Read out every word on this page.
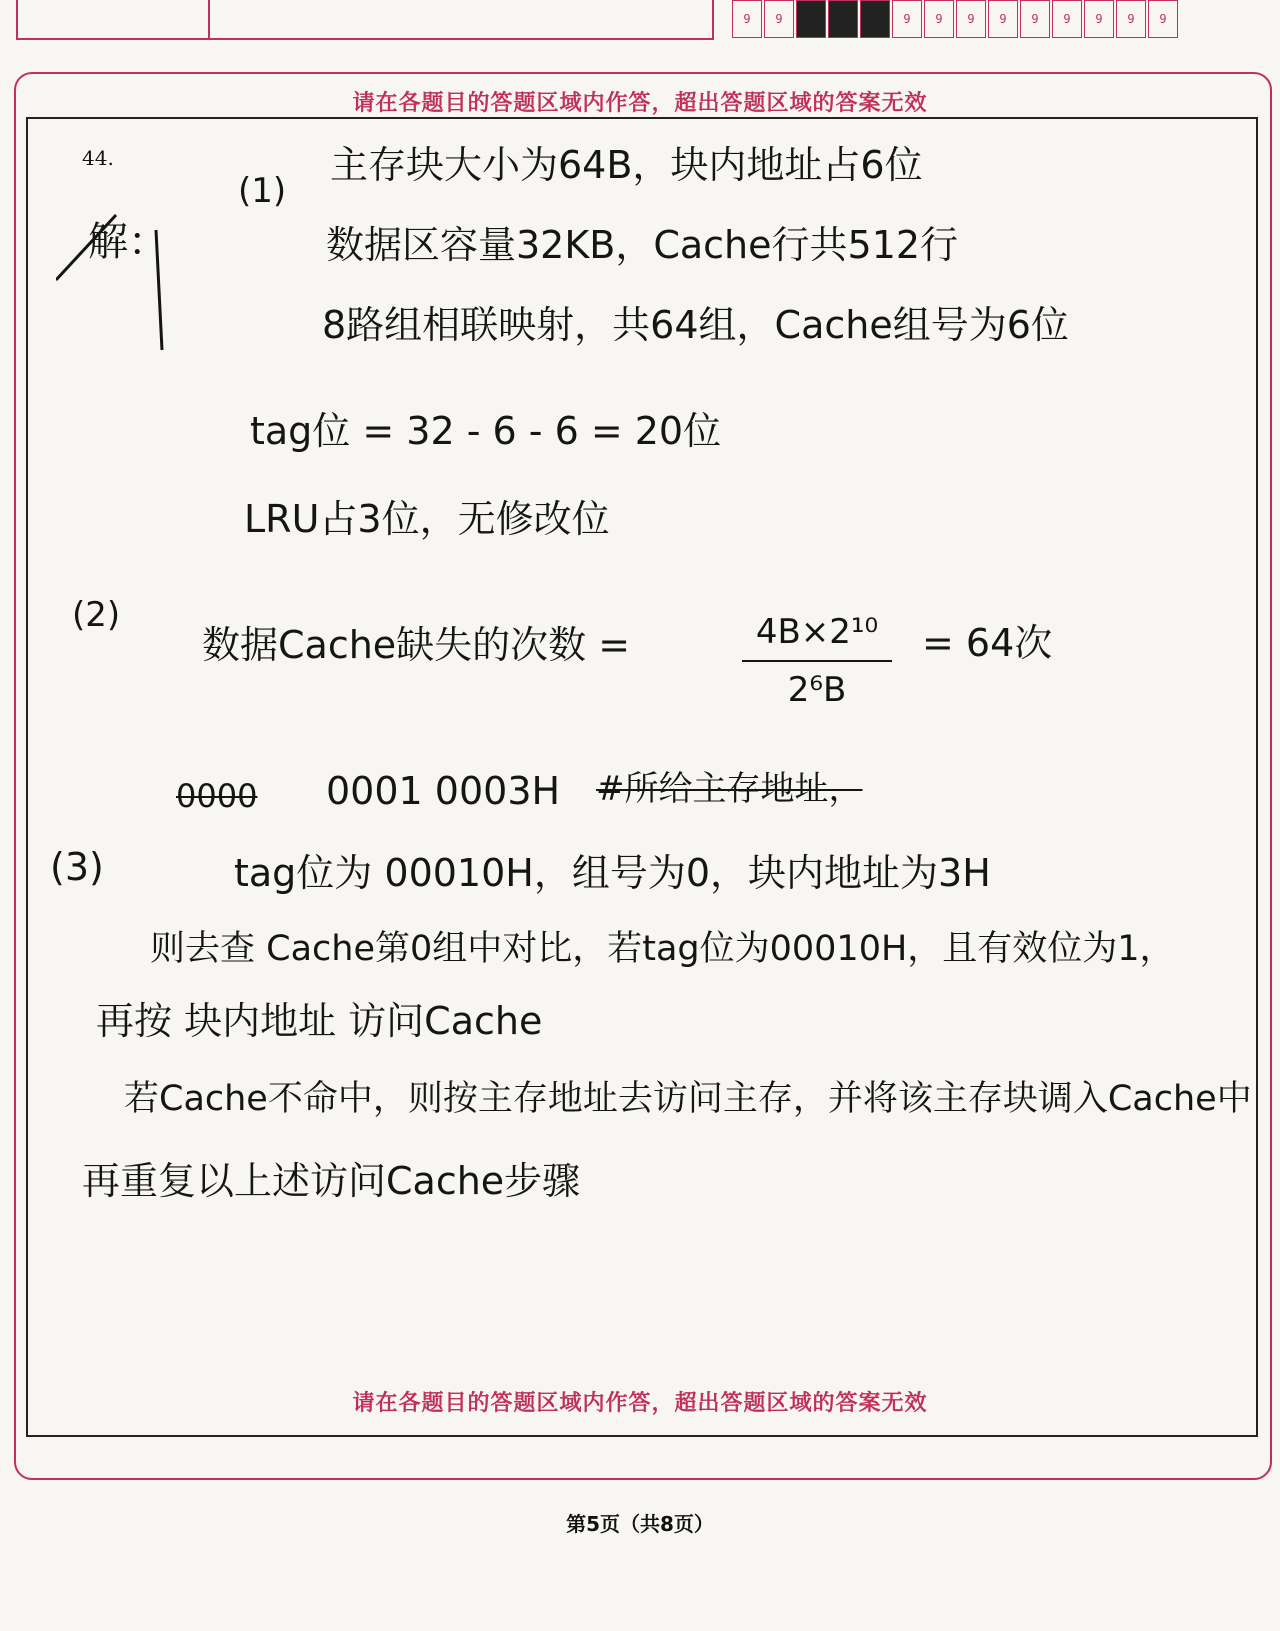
9 9	9 9 9 9 9 9 9 9 9
请在各题目的答题区域内作答，超出答题区域的答案无效
44.
解：
(1)
主存块大小为64B，块内地址占6位
数据区容量32KB，Cache行共512行
8路组相联映射，共64组，Cache组号为6位
tag位 = 32 - 6 - 6 = 20位
LRU占3位，无修改位
(2)
数据Cache缺失的次数 =	4B×2¹⁰
2⁶B
= 64次
0000 0001 0003H #所给主存地址，
(3)	tag位为 00010H，组号为0，块内地址为3H
则去查 Cache第0组中对比，若tag位为00010H，且有效位为1，
再按 块内地址 访问Cache
若Cache不命中，则按主存地址去访问主存，并将该主存块调入Cache中
再重复以上述访问Cache步骤
请在各题目的答题区域内作答，超出答题区域的答案无效
第5页（共8页）
